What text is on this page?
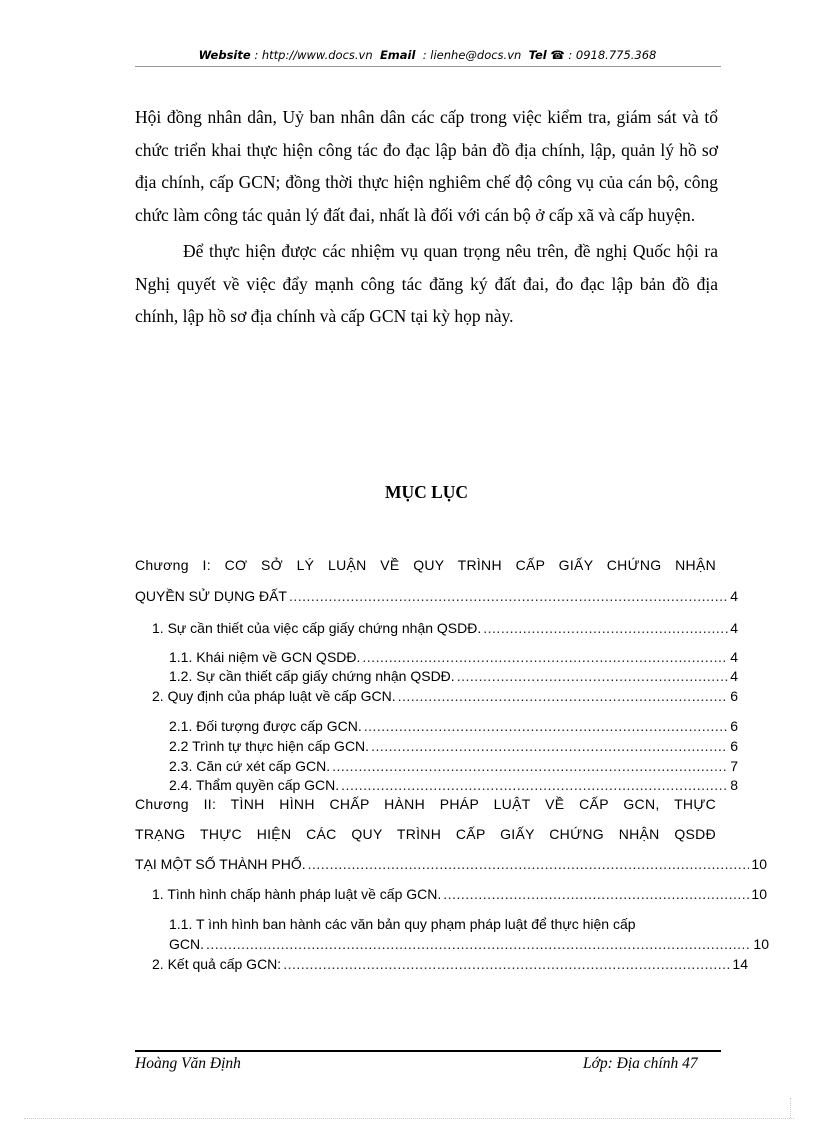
Website : http://www.docs.vn Email : lienhe@docs.vn Tel ☎ : 0918.775.368

Hội đồng nhân dân, Uỷ ban nhân dân các cấp trong việc kiểm tra, giám sát và tổ chức triển khai thực hiện công tác đo đạc lập bản đồ địa chính, lập, quản lý hồ sơ địa chính, cấp GCN; đồng thời thực hiện nghiêm chế độ công vụ của cán bộ, công chức làm công tác quản lý đất đai, nhất là đối với cán bộ ở cấp xã và cấp huyện.

Để thực hiện được các nhiệm vụ quan trọng nêu trên, đề nghị Quốc hội ra Nghị quyết về việc đẩy mạnh công tác đăng ký đất đai, đo đạc lập bản đồ địa chính, lập hồ sơ địa chính và cấp GCN tại kỳ họp này.

MỤC LỤC
Chương I: CƠ SỞ LÝ LUẬN VỀ QUY TRÌNH CẤP GIẤY CHỨNG NHẬN
QUYỀN SỬ DỤNG ĐẤT .....	4
1. Sự cần thiết của việc cấp giấy chứng nhận QSDĐ. .....	4
1.1. Khái niệm về GCN QSDĐ. .....	4
1.2. Sự cần thiết cấp giấy chứng nhận QSDĐ. .....	4
2. Quy định của pháp luật về cấp GCN. .....	6
2.1. Đối tượng được cấp GCN. .....	6
2.2 Trình tự thực hiện cấp GCN. .....	6
2.3. Căn cứ xét cấp GCN. .....	7
2.4. Thẩm quyền cấp GCN. .....	8
Chương II: TÌNH HÌNH CHẤP HÀNH PHÁP LUẬT VỀ CẤP GCN, THỰC
TRẠNG THỰC HIỆN CÁC QUY TRÌNH CẤP GIẤY CHỨNG NHẬN QSDĐ
TẠI MỘT SỐ THÀNH PHỐ. .....	10
1. Tình hình chấp hành pháp luật về cấp GCN. .....	10
1.1. T ình hình ban hành các văn bản quy phạm pháp luật để thực hiện cấp
GCN. .....	10
2. Kết quả cấp GCN: .....	14
Hoàng Văn Định	Lớp: Địa chính 47
